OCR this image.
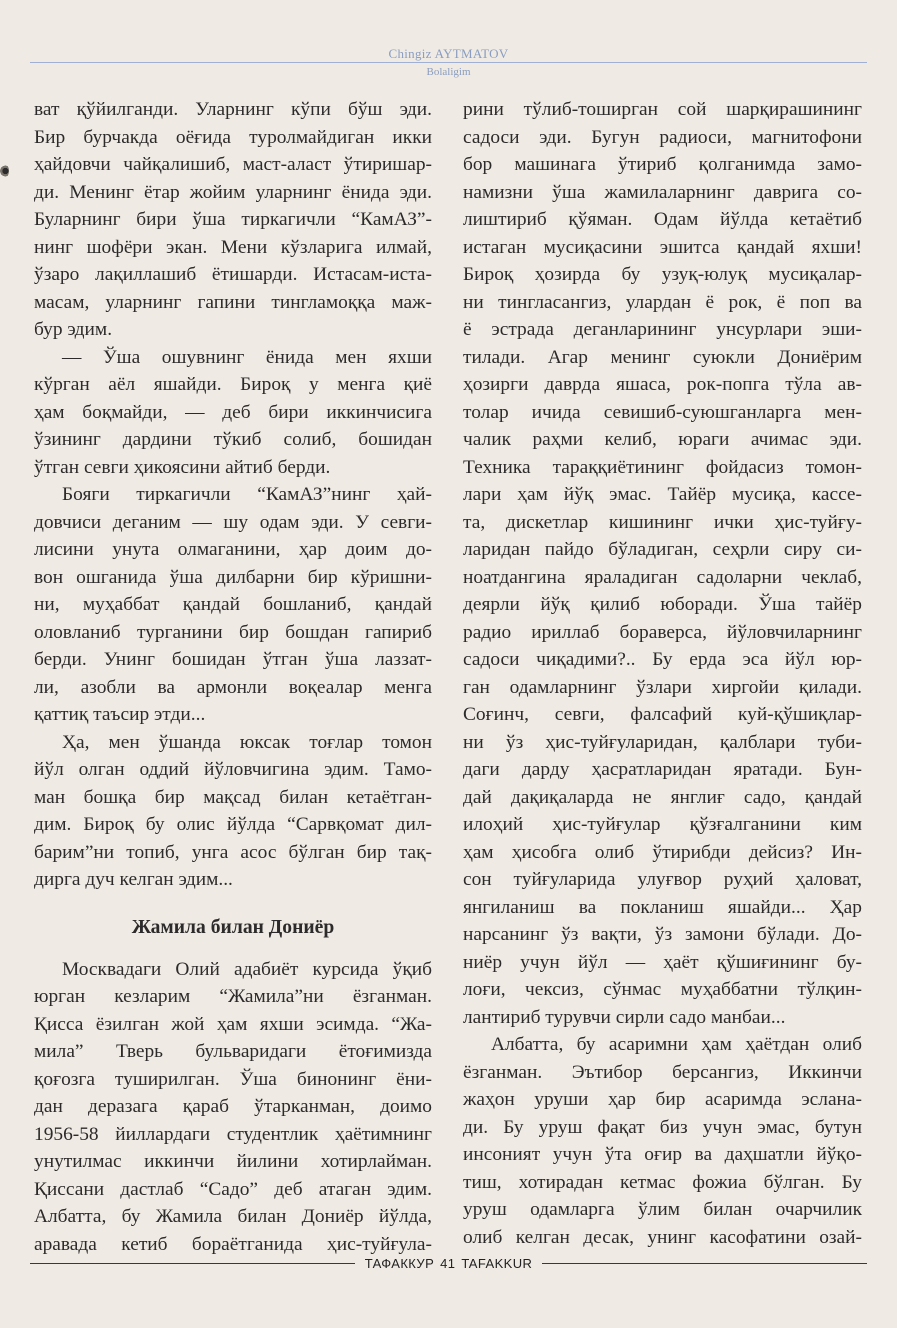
Chingiz AYTMATOV
Bolaligim
ват қўйилганди. Уларнинг кўпи бўш эди.
Бир бурчакда оёғида туролмайдиган икки
ҳайдовчи чайқалишиб, маст-аласт ўтиришар-
ди. Менинг ётар жойим уларнинг ёнида эди.
Буларнинг бири ўша тиркагичли “КамАЗ”-
нинг шофёри экан. Мени кўзларига илмай,
ўзаро лақиллашиб ётишарди. Истасам-иста-
масам, уларнинг гапини тингламоққа маж-
бур эдим.
— Ўша ошувнинг ёнида мен яхши
кўрган аёл яшайди. Бироқ у менга қиё
ҳам боқмайди, — деб бири иккинчисига
ўзининг дардини тўкиб солиб, бошидан
ўтган севги ҳикоясини айтиб берди.
Бояги тиркагичли “КамАЗ”нинг ҳай-
довчиси деганим — шу одам эди. У севги-
лисини унута олмаганини, ҳар доим до-
вон ошганида ўша дилбарни бир кўришни-
ни, муҳаббат қандай бошланиб, қандай
оловланиб турганини бир бошдан гапириб
берди. Унинг бошидан ўтган ўша лаззат-
ли, азобли ва армонли воқеалар менга
қаттиқ таъсир этди...
Ҳа, мен ўшанда юксак тоғлар томон
йўл олган оддий йўловчигина эдим. Тамо-
ман бошқа бир мақсад билан кетаётган-
дим. Бироқ бу олис йўлда “Сарвқомат дил-
барим”ни топиб, унга асос бўлган бир тақ-
дирга дуч келган эдим...
Жамила билан Дониёр
Москвадаги Олий адабиёт курсида ўқиб
юрган кезларим “Жамила”ни ёзганман.
Қисса ёзилган жой ҳам яхши эсимда. “Жа-
мила” Тверь бульваридаги ётоғимизда
қоғозга туширилган. Ўша бинонинг ёни-
дан деразага қараб ўтарканман, доимо
1956-58 йиллардаги студентлик ҳаётимнинг
унутилмас иккинчи йилини хотирлайман.
Қиссани дастлаб “Садо” деб атаган эдим.
Албатта, бу Жамила билан Дониёр йўлда,
аравада кетиб бораётганида ҳис-туйғула-
рини тўлиб-тоширган сой шарқирашининг
садоси эди. Бугун радиоси, магнитофони
бор машинага ўтириб қолганимда замо-
намизни ўша жамилаларнинг даврига со-
лиштириб қўяман. Одам йўлда кетаётиб
истаган мусиқасини эшитса қандай яхши!
Бироқ ҳозирда бу узуқ-юлуқ мусиқалар-
ни тингласангиз, улардан ё рок, ё поп ва
ё эстрада деганларининг унсурлари эши-
тилади. Агар менинг суюкли Дониёрим
ҳозирги даврда яшаса, рок-попга тўла ав-
толар ичида севишиб-суюшганларга мен-
чалик раҳми келиб, юраги ачимас эди.
Техника тараққиётининг фойдасиз томон-
лари ҳам йўқ эмас. Тайёр мусиқа, кассе-
та, дискетлар кишининг ички ҳис-туйғу-
ларидан пайдо бўладиган, сеҳрли сиру си-
ноатдангина яраладиган садоларни чеклаб,
деярли йўқ қилиб юборади. Ўша тайёр
радио ириллаб бораверса, йўловчиларнинг
садоси чиқадими?.. Бу ерда эса йўл юр-
ган одамларнинг ўзлари хиргойи қилади.
Соғинч, севги, фалсафий куй-қўшиқлар-
ни ўз ҳис-туйғуларидан, қалблари туби-
даги дарду ҳасратларидан яратади. Бун-
дай дақиқаларда не янглиғ садо, қандай
илоҳий ҳис-туйғулар қўзғалганини ким
ҳам ҳисобга олиб ўтирибди дейсиз? Ин-
сон туйғуларида улуғвор руҳий ҳаловат,
янгиланиш ва покланиш яшайди... Ҳар
нарсанинг ўз вақти, ўз замони бўлади. До-
ниёр учун йўл — ҳаёт қўшиғининг бу-
лоғи, чексиз, сўнмас муҳаббатни тўлқин-
лантириб турувчи сирли садо манбаи...
Албатта, бу асаримни ҳам ҳаётдан олиб
ёзганман. Эътибор берсангиз, Иккинчи
жаҳон уруши ҳар бир асаримда эслана-
ди. Бу уруш фақат биз учун эмас, бутун
инсоният учун ўта оғир ва даҳшатли йўқо-
тиш, хотирадан кетмас фожиа бўлган. Бу
уруш одамларга ўлим билан очарчилик
олиб келган десак, унинг касофатини озай-
ТАФАККУР 41 TAFAKKUR
